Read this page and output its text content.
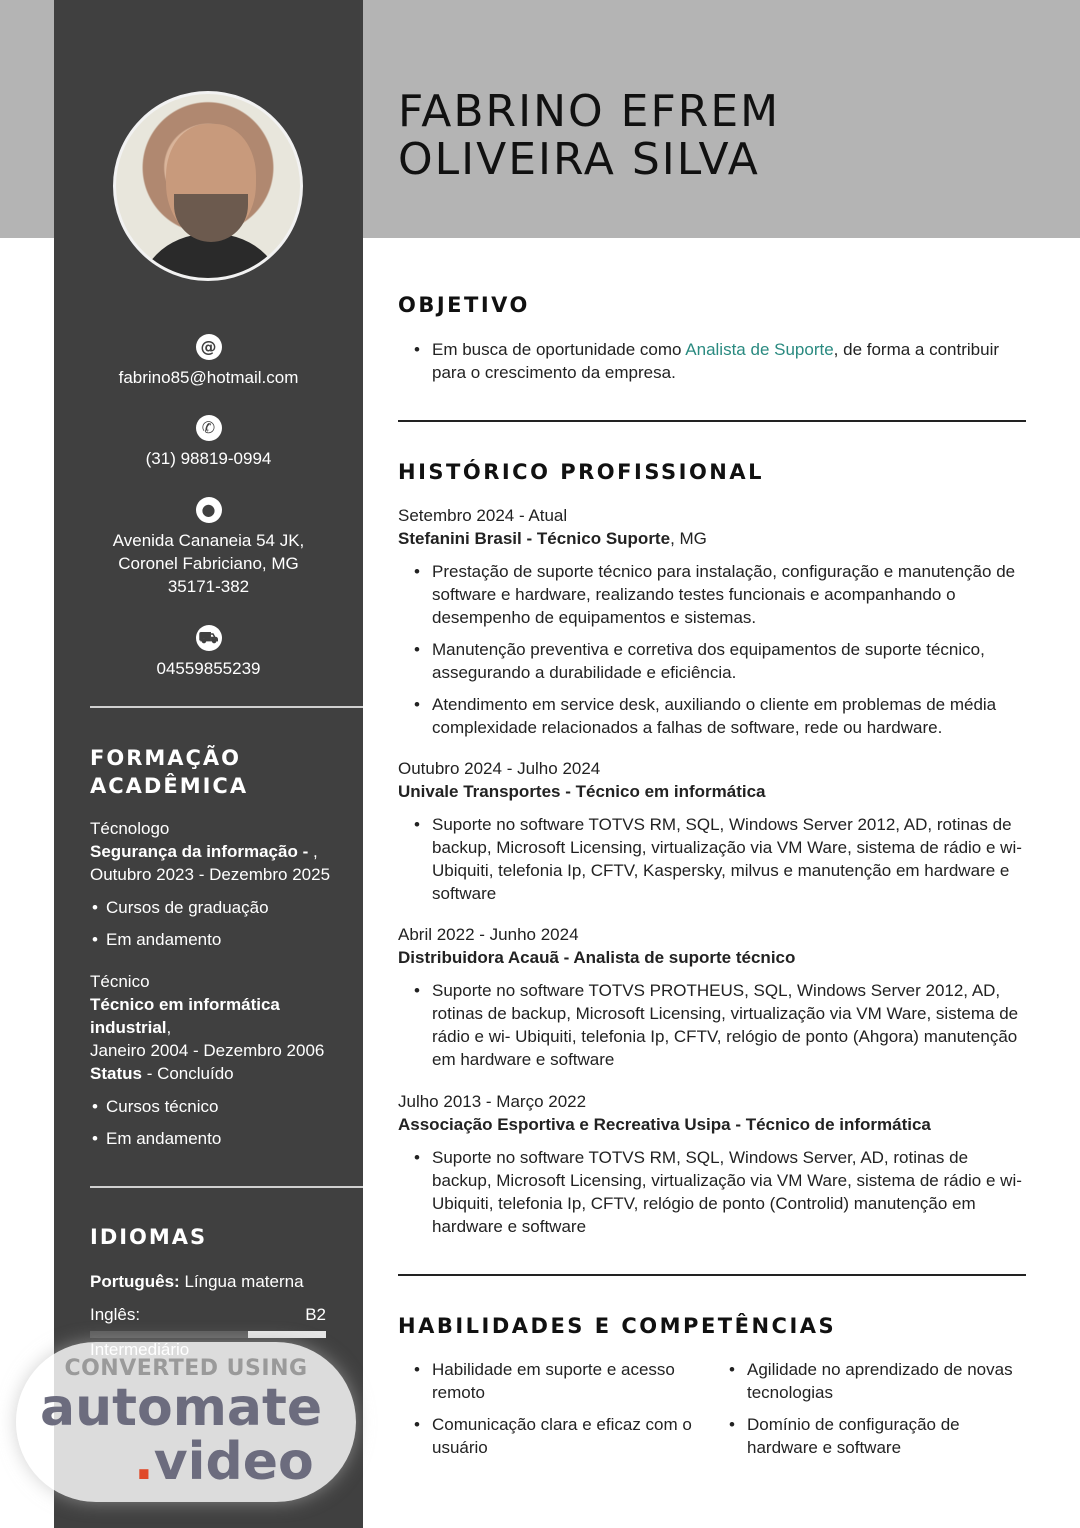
@
fabrino85@hotmail.com
✆
(31) 98819-0994
●
Avenida Cananeia 54 JK, Coronel Fabriciano, MG 35171-382
⛟
04559855239
FORMAÇÃO ACADÊMICA
Técnologo
Segurança da informação - ,
Outubro 2023 - Dezembro 2025
• Cursos de graduação
• Em andamento
Técnico
Técnico em informática industrial,
Janeiro 2004 - Dezembro 2006
Status - Concluído
• Cursos técnico
• Em andamento
IDIOMAS
Português: Língua materna
Inglês:	B2
FABRINO EFREM
OLIVEIRA SILVA
OBJETIVO
• Em busca de oportunidade como Analista de Suporte, de forma a contribuir para o crescimento da empresa.
HISTÓRICO PROFISSIONAL
Setembro 2024 - Atual
Stefanini Brasil - Técnico Suporte, MG
• Prestação de suporte técnico para instalação, configuração e manutenção de software e hardware, realizando testes funcionais e acompanhando o desempenho de equipamentos e sistemas.
• Manutenção preventiva e corretiva dos equipamentos de suporte técnico, assegurando a durabilidade e eficiência.
• Atendimento em service desk, auxiliando o cliente em problemas de média complexidade relacionados a falhas de software, rede ou hardware.
Outubro 2024 - Julho 2024
Univale Transportes - Técnico em informática
• Suporte no software TOTVS RM, SQL, Windows Server 2012, AD, rotinas de backup, Microsoft Licensing, virtualização via VM Ware, sistema de rádio e wi- Ubiquiti, telefonia Ip, CFTV, Kaspersky, milvus e manutenção em hardware e software
Abril 2022 - Junho 2024
Distribuidora Acauã - Analista de suporte técnico
• Suporte no software TOTVS PROTHEUS, SQL, Windows Server 2012, AD, rotinas de backup, Microsoft Licensing, virtualização via VM Ware, sistema de rádio e wi- Ubiquiti, telefonia Ip, CFTV, relógio de ponto (Ahgora) manutenção em hardware e software
Julho 2013 - Março 2022
Associação Esportiva e Recreativa Usipa - Técnico de informática
• Suporte no software TOTVS RM, SQL, Windows Server, AD, rotinas de backup, Microsoft Licensing, virtualização via VM Ware, sistema de rádio e wi- Ubiquiti, telefonia Ip, CFTV, relógio de ponto (Controlid) manutenção em hardware e software
HABILIDADES E COMPETÊNCIAS
• Habilidade em suporte e acesso remoto
• Comunicação clara e eficaz com o usuário
• Agilidade no aprendizado de novas tecnologias
• Domínio de configuração de hardware e software
CONVERTED USING
automate
.video
